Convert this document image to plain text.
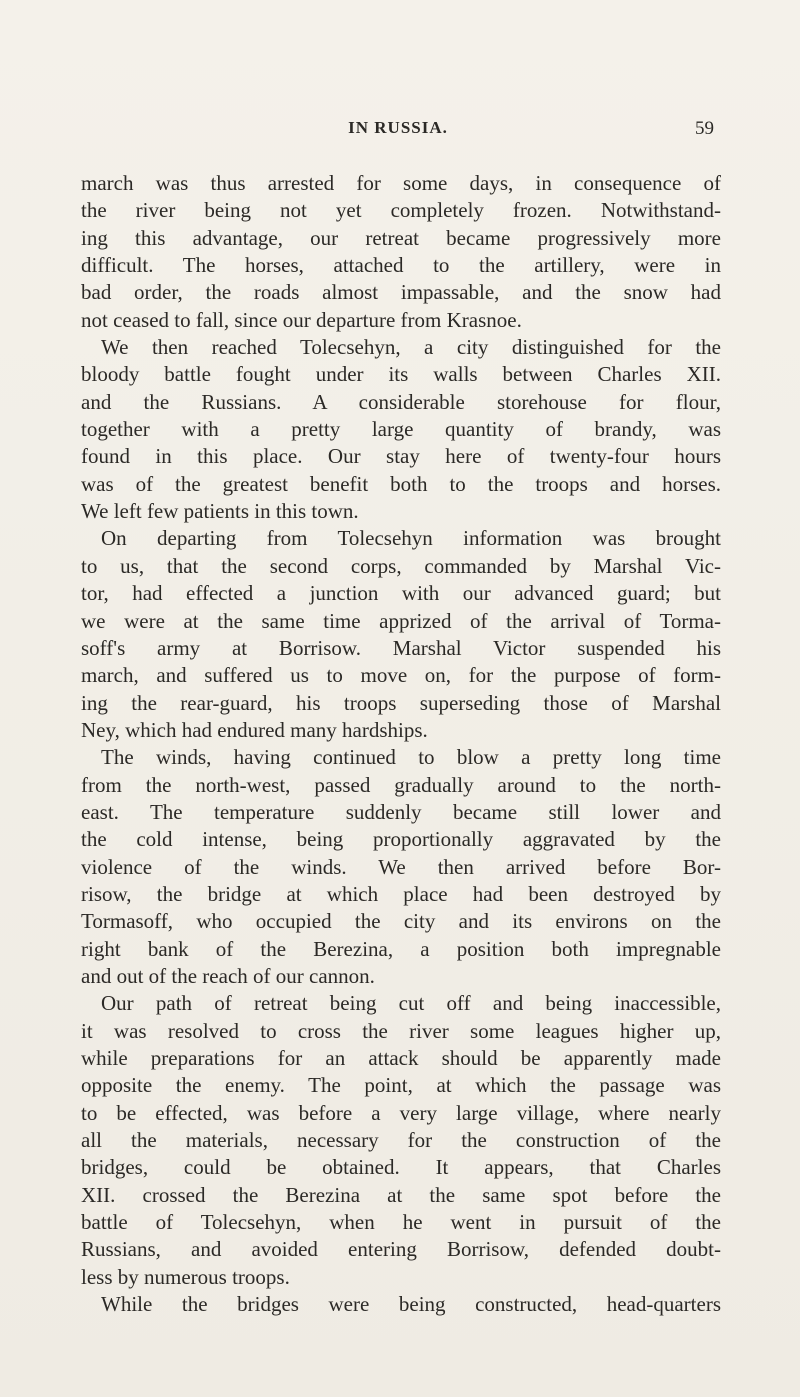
IN RUSSIA.	59
march was thus arrested for some days, in consequence of
the river being not yet completely frozen. Notwithstand-
ing this advantage, our retreat became progressively more
difficult. The horses, attached to the artillery, were in
bad order, the roads almost impassable, and the snow had
not ceased to fall, since our departure from Krasnoe.
We then reached Tolecsehyn, a city distinguished for the
bloody battle fought under its walls between Charles XII.
and the Russians. A considerable storehouse for flour,
together with a pretty large quantity of brandy, was
found in this place. Our stay here of twenty-four hours
was of the greatest benefit both to the troops and horses.
We left few patients in this town.
On departing from Tolecsehyn information was brought
to us, that the second corps, commanded by Marshal Vic-
tor, had effected a junction with our advanced guard; but
we were at the same time apprized of the arrival of Torma-
soff's army at Borrisow. Marshal Victor suspended his
march, and suffered us to move on, for the purpose of form-
ing the rear-guard, his troops superseding those of Marshal
Ney, which had endured many hardships.
The winds, having continued to blow a pretty long time
from the north-west, passed gradually around to the north-
east. The temperature suddenly became still lower and
the cold intense, being proportionally aggravated by the
violence of the winds. We then arrived before Bor-
risow, the bridge at which place had been destroyed by
Tormasoff, who occupied the city and its environs on the
right bank of the Berezina, a position both impregnable
and out of the reach of our cannon.
Our path of retreat being cut off and being inaccessible,
it was resolved to cross the river some leagues higher up,
while preparations for an attack should be apparently made
opposite the enemy. The point, at which the passage was
to be effected, was before a very large village, where nearly
all the materials, necessary for the construction of the
bridges, could be obtained. It appears, that Charles
XII. crossed the Berezina at the same spot before the
battle of Tolecsehyn, when he went in pursuit of the
Russians, and avoided entering Borrisow, defended doubt-
less by numerous troops.
While the bridges were being constructed, head-quarters
